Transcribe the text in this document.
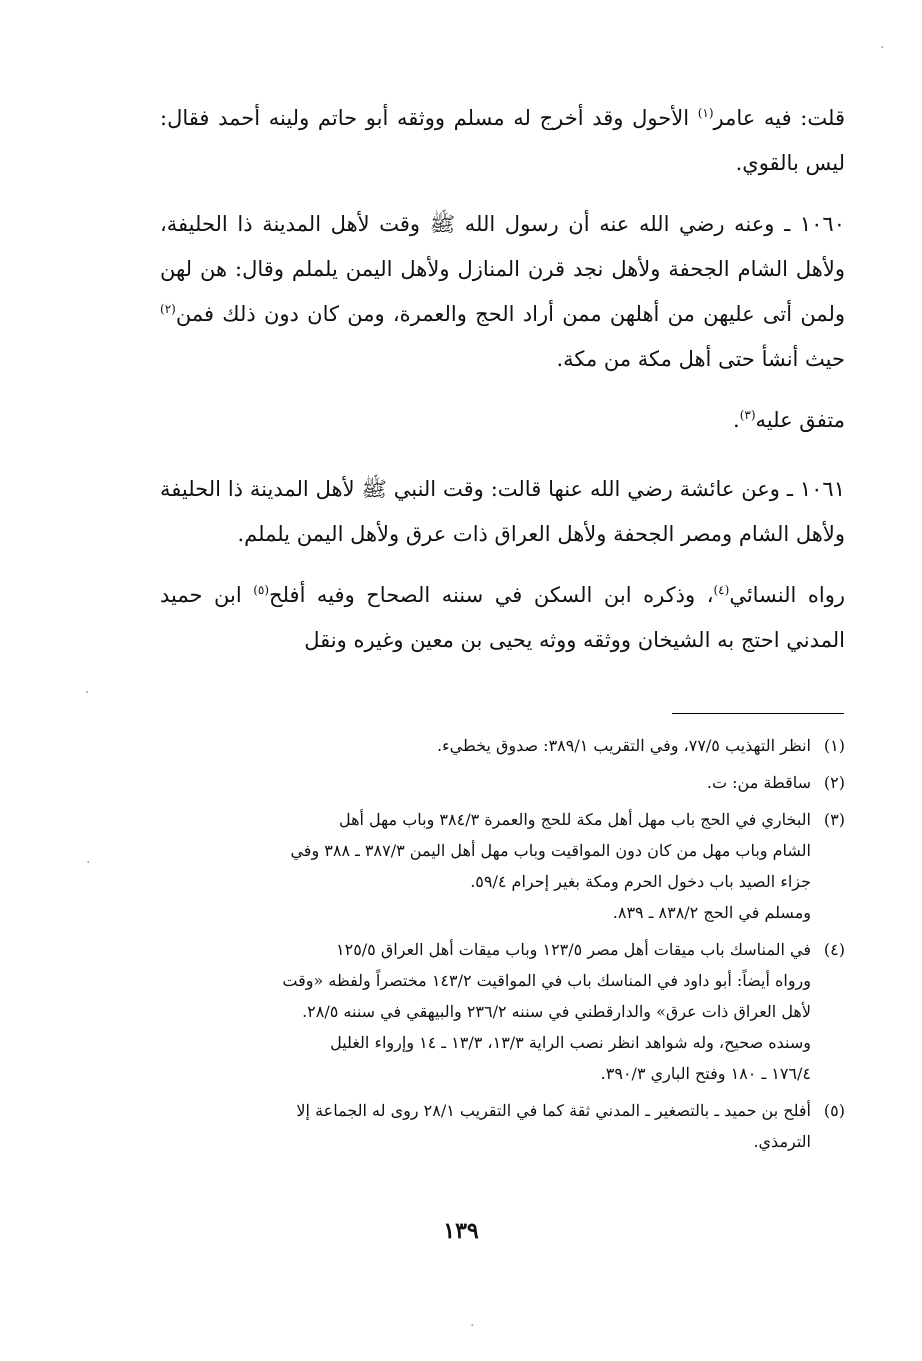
قلت: فيه عامر$^{(١)}$ الأحول وقد أخرج له مسلم ووثقه أبو حاتم ولينه أحمد فقال: ليس بالقوي.

١٠٦٠ ـ وعنه رضي الله عنه أن رسول الله ﷺ وقت لأهل المدينة ذا الحليفة، ولأهل الشام الجحفة ولأهل نجد قرن المنازل ولأهل اليمن يلملم وقال: هن لهن ولمن أتى عليهن من أهلهن ممن أراد الحج والعمرة، ومن كان دون ذلك فمن$^{(٢)}$ حيث أنشأ حتى أهل مكة من مكة.

متفق عليه$^{(٣)}$.

١٠٦١ ـ وعن عائشة رضي الله عنها قالت: وقت النبي ﷺ لأهل المدينة ذا الحليفة ولأهل الشام ومصر الجحفة ولأهل العراق ذات عرق ولأهل اليمن يلملم.

رواه النسائي$^{(٤)}$، وذكره ابن السكن في سننه الصحاح وفيه أفلح$^{(٥)}$ ابن حميد المدني احتج به الشيخان ووثقه ووثه يحيى بن معين وغيره ونقل

(١)
انظر التهذيب ٧٧/٥، وفي التقريب ٣٨٩/١: صدوق يخطيء.
(٢)
ساقطة من: ت.
(٣)
البخاري في الحج باب مهل أهل مكة للحج والعمرة ٣٨٤/٣ وباب مهل أهل
الشام وباب مهل من كان دون المواقيت وباب مهل أهل اليمن ٣٨٧/٣ ـ ٣٨٨ وفي
جزاء الصيد باب دخول الحرم ومكة بغير إحرام ٥٩/٤.
ومسلم في الحج ٨٣٨/٢ ـ ٨٣٩.
(٤)
في المناسك باب ميقات أهل مصر ١٢٣/٥ وباب ميقات أهل العراق ١٢٥/٥
ورواه أيضاً: أبو داود في المناسك باب في المواقيت ١٤٣/٢ مختصراً ولفظه «وقت
لأهل العراق ذات عرق» والدارقطني في سننه ٢٣٦/٢ والبيهقي في سننه ٢٨/٥.
وسنده صحيح، وله شواهد انظر نصب الراية ١٣/٣، ١٣/٣ ـ ١٤ وإرواء الغليل
١٧٦/٤ ـ ١٨٠ وفتح الباري ٣٩٠/٣.
(٥)
أفلح بن حميد ـ بالتصغير ـ المدني ثقة كما في التقريب ٢٨/١ روى له الجماعة إلا
الترمذي.
١٣٩
·
·
·
·
